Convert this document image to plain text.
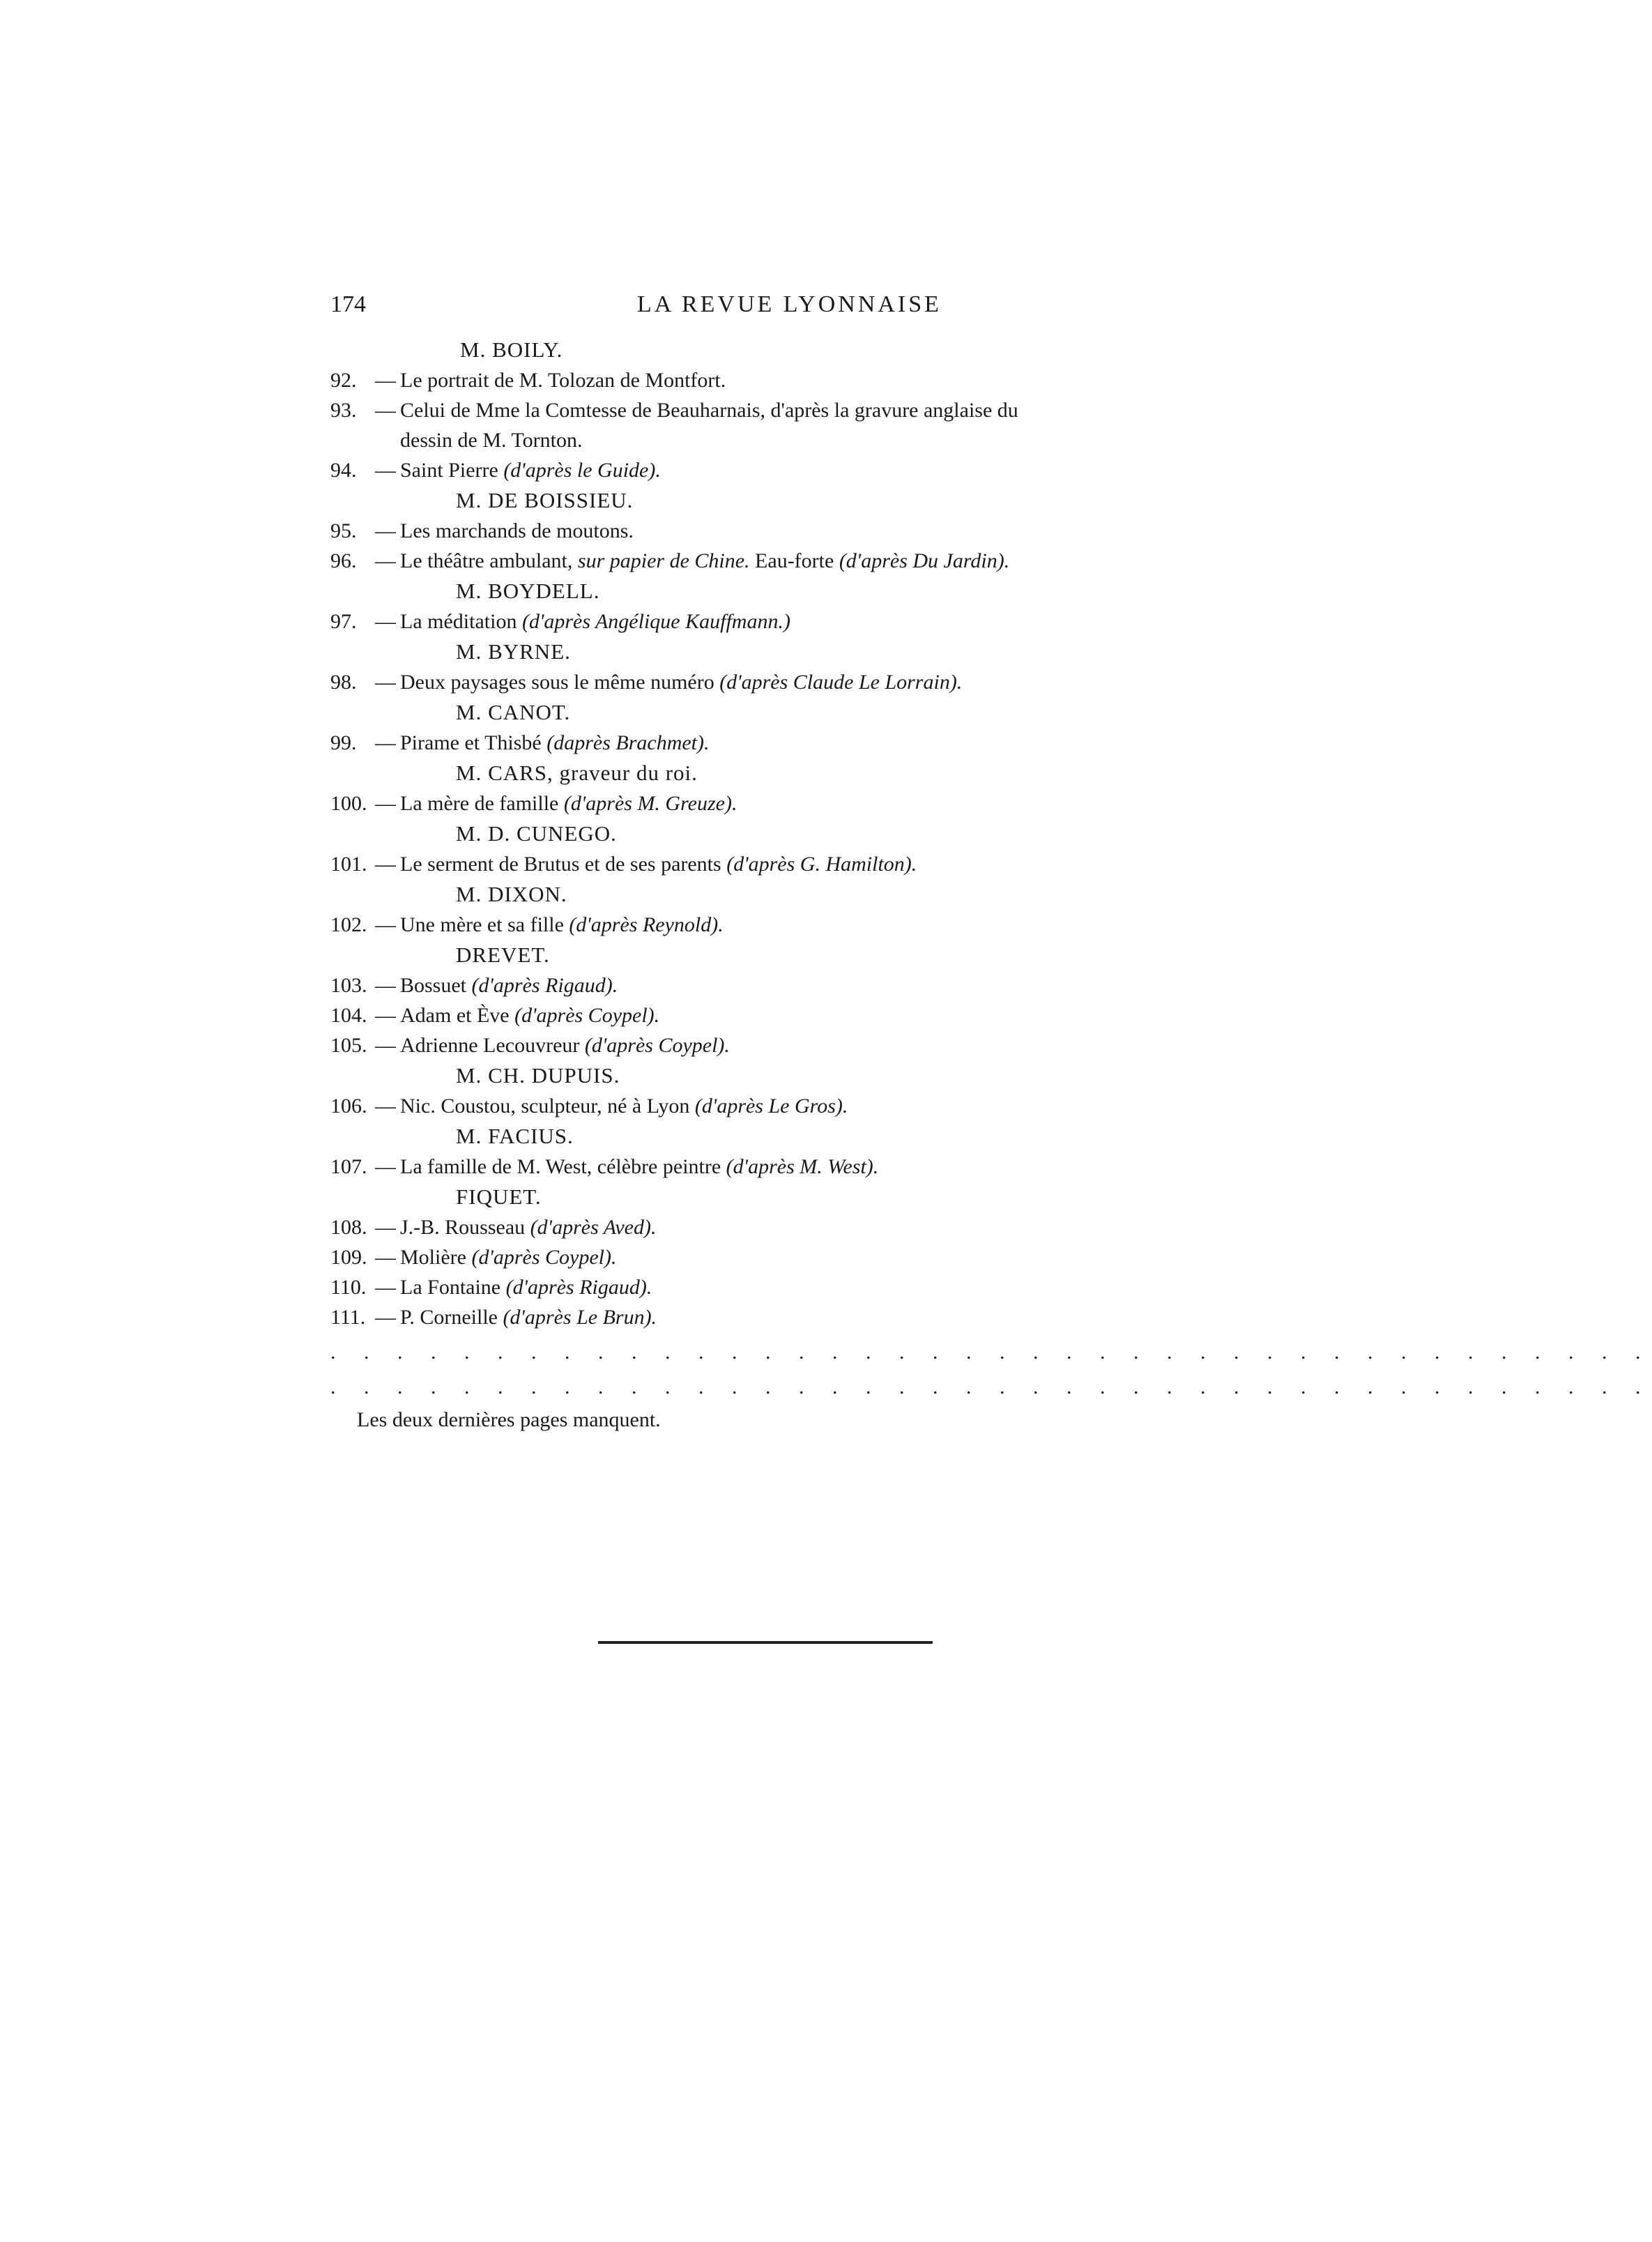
174	LA REVUE LYONNAISE
M. BOILY.
92. — Le portrait de M. Tolozan de Montfort.
93. — Celui de Mme la Comtesse de Beauharnais, d'après la gravure anglaise du
dessin de M. Tornton.
94. — Saint Pierre (d'après le Guide).
M. DE BOISSIEU.
95. — Les marchands de moutons.
96. — Le théâtre ambulant, sur papier de Chine. Eau-forte (d'après Du Jardin).
M. BOYDELL.
97. — La méditation (d'après Angélique Kauffmann.)
M. BYRNE.
98. — Deux paysages sous le même numéro (d'après Claude Le Lorrain).
M. CANOT.
99. — Pirame et Thisbé (daprès Brachmet).
M. CARS, graveur du roi.
100. — La mère de famille (d'après M. Greuze).
M. D. CUNEGO.
101. — Le serment de Brutus et de ses parents (d'après G. Hamilton).
M. DIXON.
102. — Une mère et sa fille (d'après Reynold).
DREVET.
103. — Bossuet (d'après Rigaud).
104. — Adam et Ève (d'après Coypel).
105. — Adrienne Lecouvreur (d'après Coypel).
M. CH. DUPUIS.
106. — Nic. Coustou, sculpteur, né à Lyon (d'après Le Gros).
M. FACIUS.
107. — La famille de M. West, célèbre peintre (d'après M. West).
FIQUET.
108. — J.-B. Rousseau (d'après Aved).
109. — Molière (d'après Coypel).
110. — La Fontaine (d'après Rigaud).
111. — P. Corneille (d'après Le Brun).
. . . . . . . . . . . . . . . . . . . . . . . . . . . . . . . . . . . . . . . .
. . . . . . . . . . . . . . . . . . . . . . . . . . . . . . . . . . . . . . . .
Les deux dernières pages manquent.
